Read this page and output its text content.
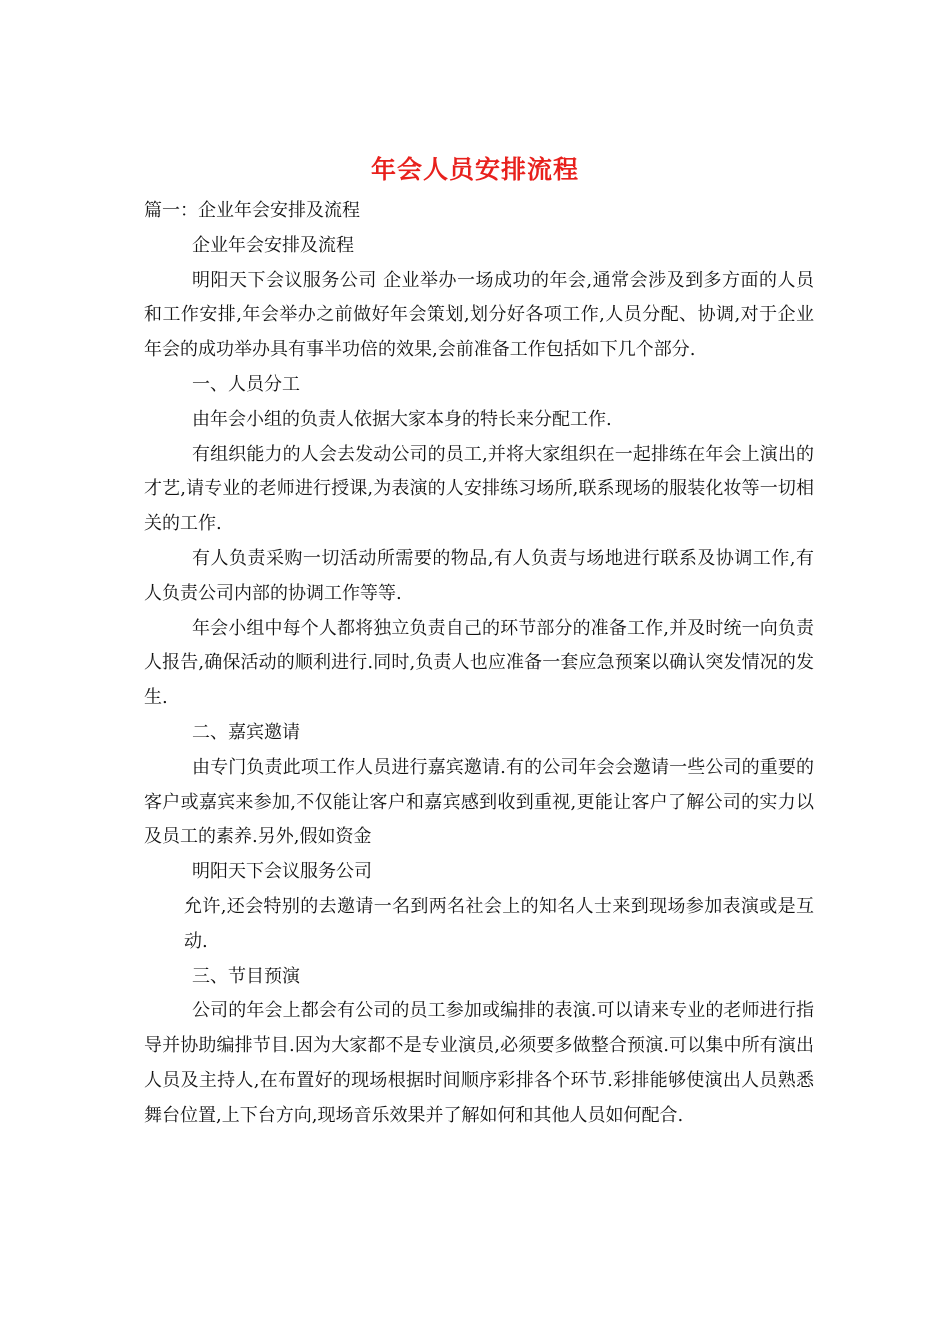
年会人员安排流程

篇一：企业年会安排及流程

企业年会安排及流程

明阳天下会议服务公司 企业举办一场成功的年会,通常会涉及到多方面的人员和工作安排,年会举办之前做好年会策划,划分好各项工作,人员分配、协调,对于企业年会的成功举办具有事半功倍的效果,会前准备工作包括如下几个部分.

一、人员分工

由年会小组的负责人依据大家本身的特长来分配工作.

有组织能力的人会去发动公司的员工,并将大家组织在一起排练在年会上演出的才艺,请专业的老师进行授课,为表演的人安排练习场所,联系现场的服装化妆等一切相关的工作.

有人负责采购一切活动所需要的物品,有人负责与场地进行联系及协调工作,有人负责公司内部的协调工作等等.

年会小组中每个人都将独立负责自己的环节部分的准备工作,并及时统一向负责人报告,确保活动的顺利进行.同时,负责人也应准备一套应急预案以确认突发情况的发生.

二、嘉宾邀请

由专门负责此项工作人员进行嘉宾邀请.有的公司年会会邀请一些公司的重要的客户或嘉宾来参加,不仅能让客户和嘉宾感到收到重视,更能让客户了解公司的实力以及员工的素养.另外,假如资金

明阳天下会议服务公司

允许,还会特别的去邀请一名到两名社会上的知名人士来到现场参加表演或是互动.

三、节目预演

公司的年会上都会有公司的员工参加或编排的表演.可以请来专业的老师进行指导并协助编排节目.因为大家都不是专业演员,必须要多做整合预演.可以集中所有演出人员及主持人,在布置好的现场根据时间顺序彩排各个环节.彩排能够使演出人员熟悉舞台位置,上下台方向,现场音乐效果并了解如何和其他人员如何配合.
